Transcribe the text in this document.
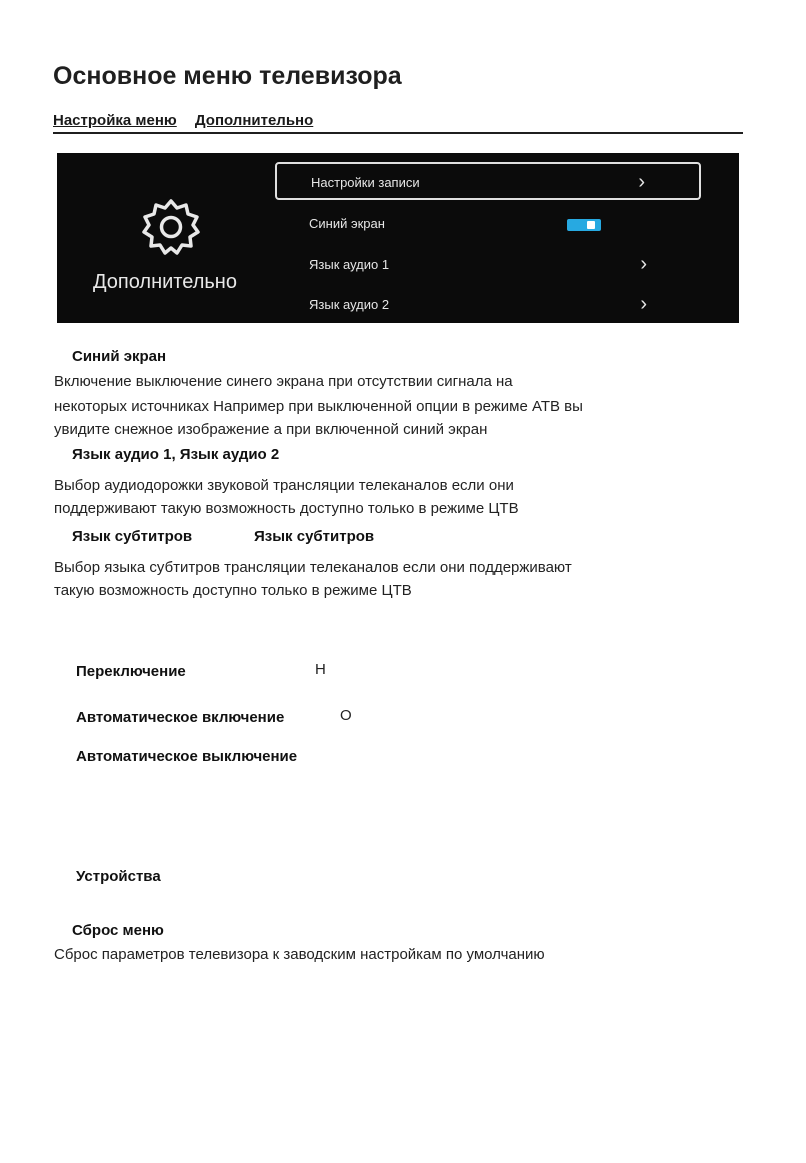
Основное меню телевизора
Настройка меню Дополнительно
Дополнительно
Настройки записи	›
Синий экран
Язык аудио 1	›
Язык аудио 2	›
Синий экран
Включение выключение синего экрана при отсутствии сигнала на
некоторых источниках Например при выключенной опции в режиме АТВ вы
увидите снежное изображение а при включенной синий экран
Язык аудио 1, Язык аудио 2
Выбор аудиодорожки звуковой трансляции телеканалов если они
поддерживают такую возможность доступно только в режиме ЦТВ
Язык субтитров	Язык субтитров
Выбор языка субтитров трансляции телеканалов если они поддерживают
такую возможность доступно только в режиме ЦТВ
Переключение	Н
Автоматическое включение	О
Автоматическое выключение
Устройства
Сброс меню
Сброс параметров телевизора к заводским настройкам по умолчанию
